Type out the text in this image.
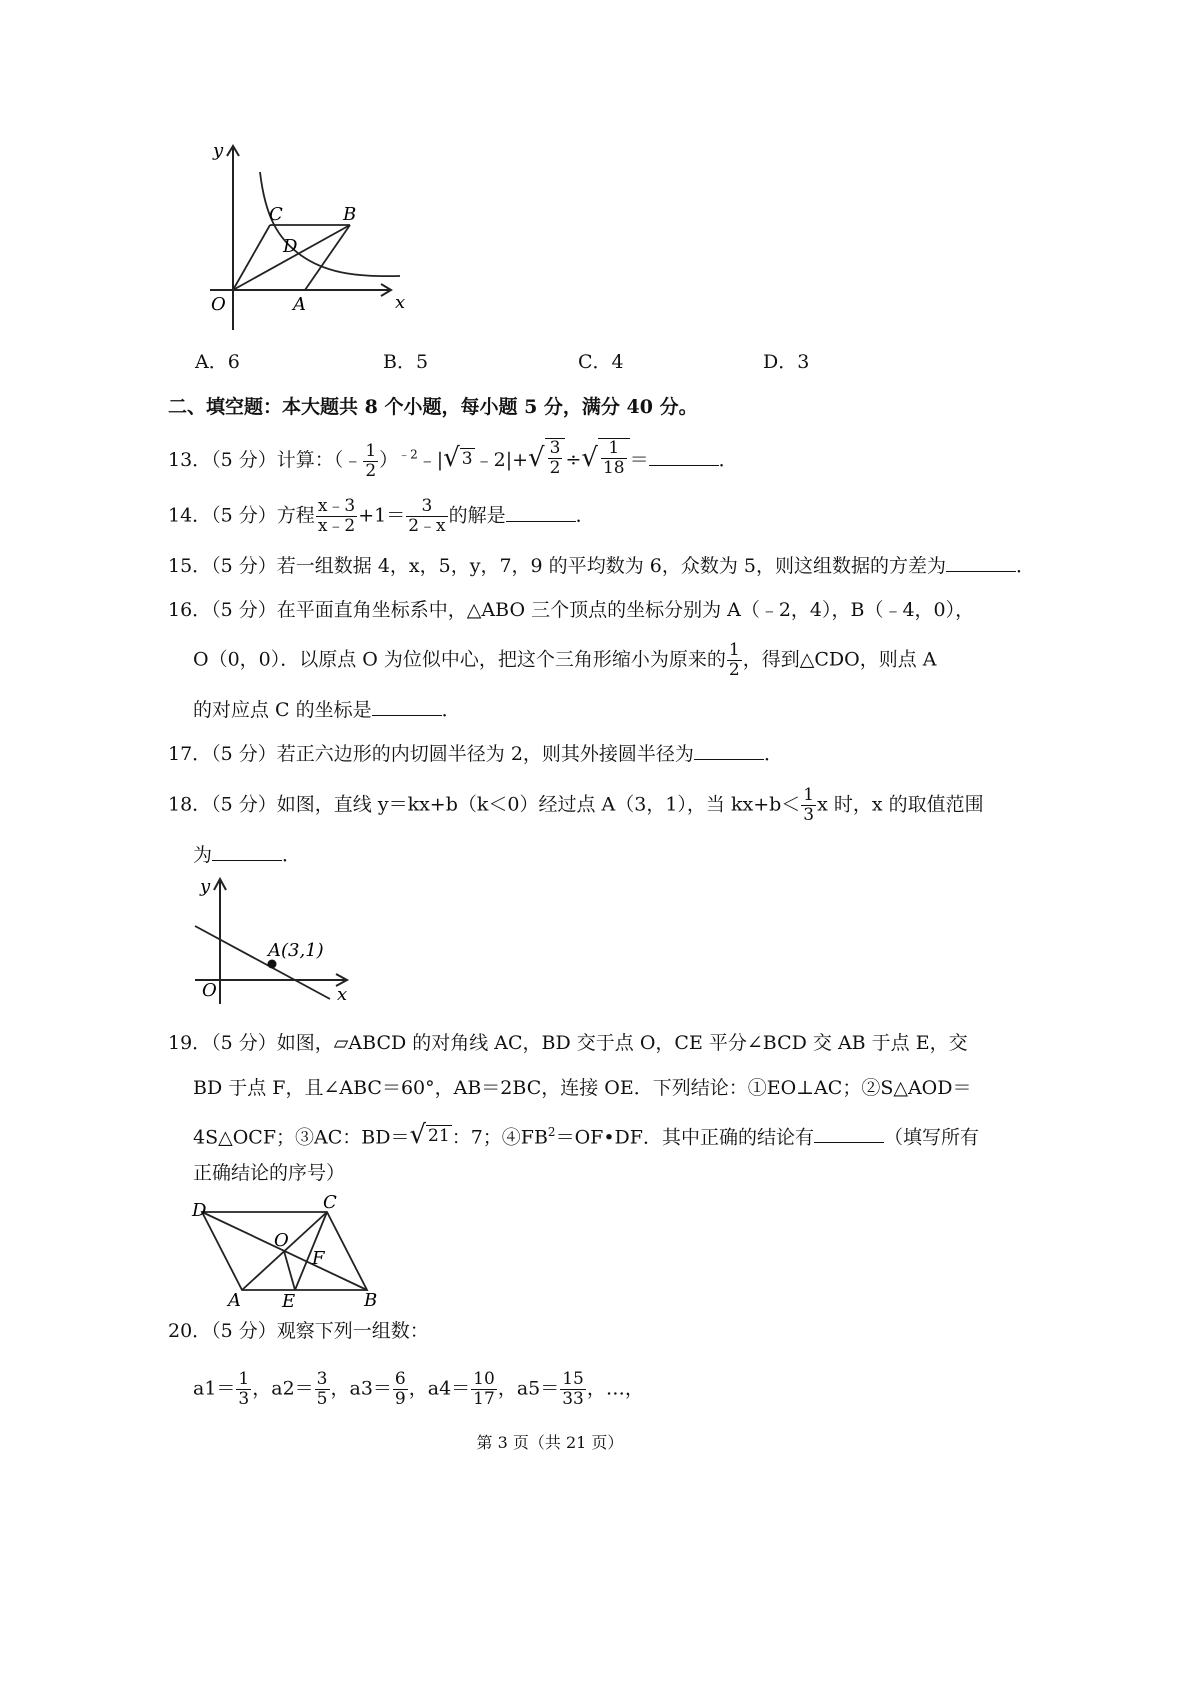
y
x
O	A
B
C
D
A．6	B．5	C．4	D．3
二、填空题：本大题共 8 个小题，每小题 5 分，满分 40 分。
13．（5 分）计算：（﹣ $\frac{1}{2}$ ）$^{﹣2}$﹣| √ 3 ﹣2|+ √ $\frac{3}{2}$ ÷ √ $\frac{1}{18}$ ＝	．
14．（5 分）方程 $\frac{x﹣3}{x﹣2} +1= \frac{3}{2﹣x}$ 的解是	．
15．（5 分）若一组数据 4，x，5，y，7，9 的平均数为 6，众数为 5，则这组数据的方差为	．
16．（5 分）在平面直角坐标系中，△ABO 三个顶点的坐标分别为 A（﹣2，4），B（﹣4，0），
O（0，0）．以原点 O 为位似中心，把这个三角形缩小为原来的 $\frac{1}{2}$ ，得到△CDO，则点 A
的对应点 C 的坐标是	．
17．（5 分）若正六边形的内切圆半径为 2，则其外接圆半径为	．
18．（5 分）如图，直线 y＝kx+b（k＜0）经过点 A（3，1），当 $kx+b< \frac{1}{3}$ x 时，x 的取值范围
为	．
y
x
O
A(3,1)
19．（5 分）如图，▱ABCD 的对角线 AC，BD 交于点 O，CE 平分∠BCD 交 AB 于点 E，交
BD 于点 F，且∠ABC＝60°，AB＝2BC，连接 OE．下列结论：①EO⊥AC；②S△AOD＝
4S△OCF；③AC：BD＝ √ 21 ：7；$④FB^2=OF•DF$．其中正确的结论有	（填写所有
正确结论的序号）
D	C
O
F
A E	B
20．（5 分）观察下列一组数：
$a1= \frac{1}{3}$ ，$a2= \frac{3}{5}$ ，$a3= \frac{6}{9}$ ，$a4= \frac{10}{17}$ ，$a5= \frac{15}{33}$ ，…，
第 3 页（共 21 页）
